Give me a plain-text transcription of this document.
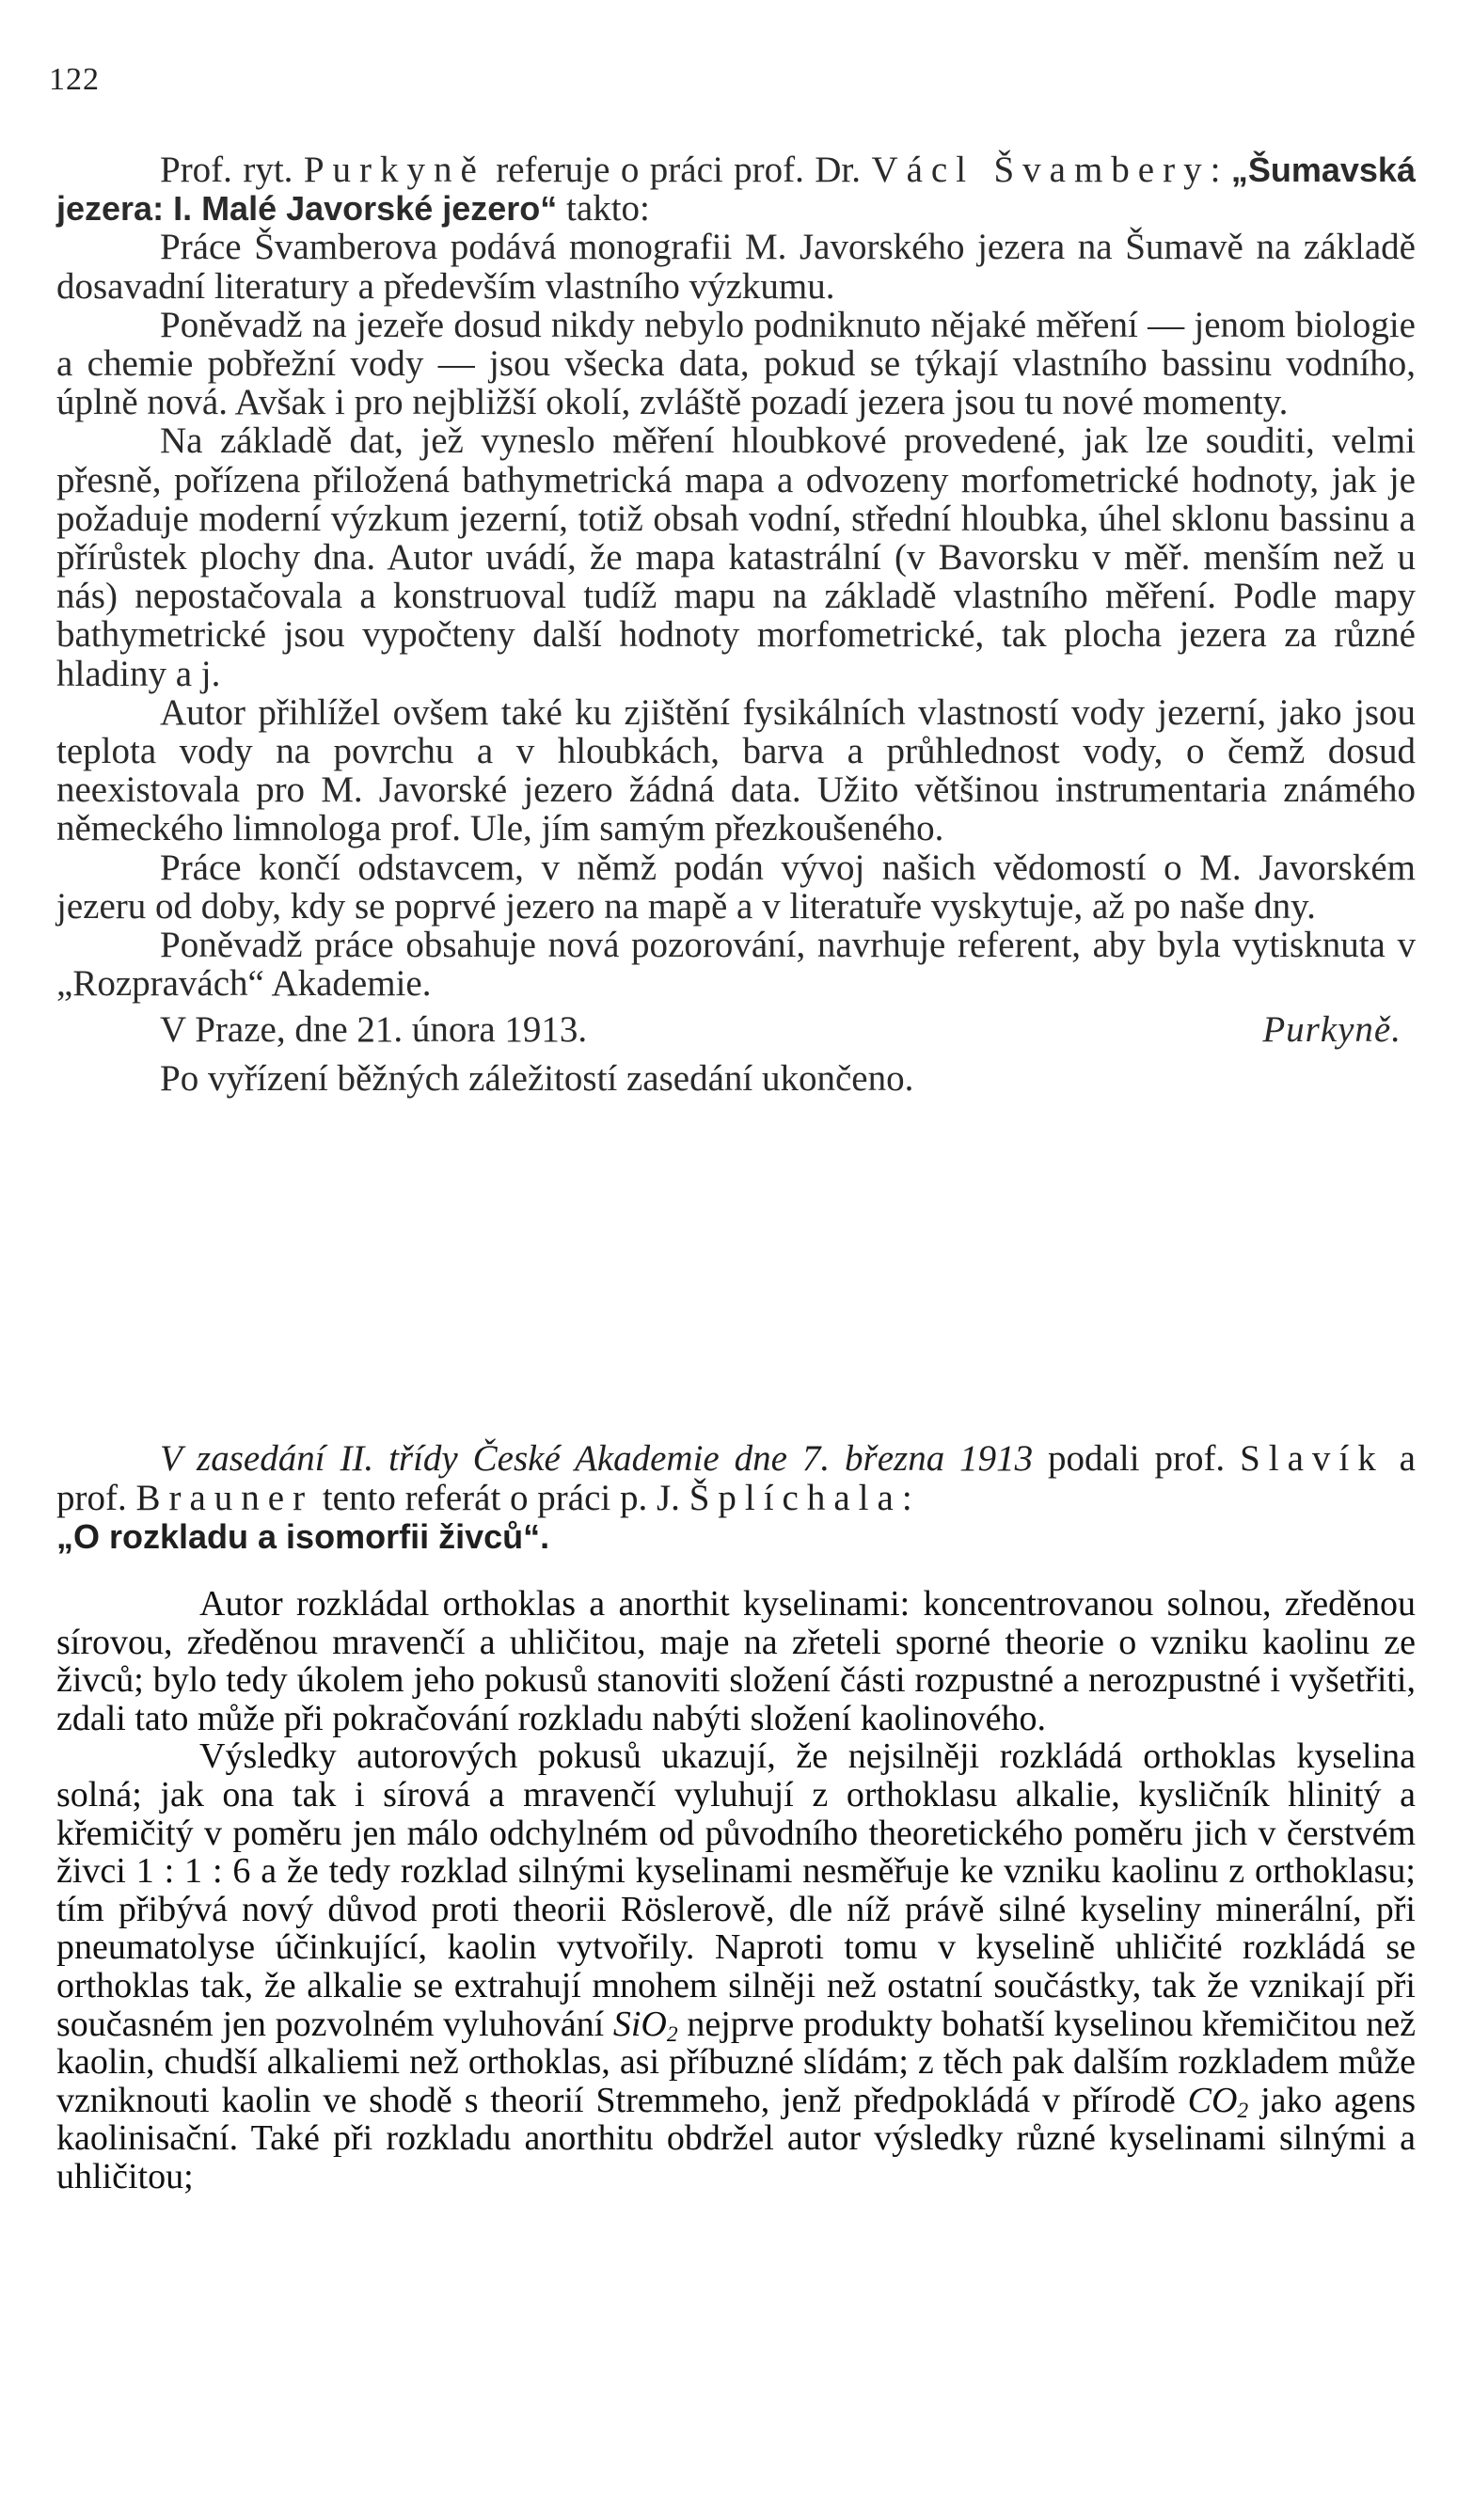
122

Prof. ryt. Purkyně referuje o práci prof. Dr. Václ Švambery: „Šumavská jezera: I. Malé Javorské jezero“ takto:

Práce Švamberova podává monografii M. Javorského jezera na Šumavě na základě dosavadní literatury a především vlastního výzkumu.

Poněvadž na jezeře dosud nikdy nebylo podniknuto nějaké měření — jenom biologie a chemie pobřežní vody — jsou všecka data, pokud se týkají vlastního bassinu vodního, úplně nová. Avšak i pro nejbližší okolí, zvláště pozadí jezera jsou tu nové momenty.

Na základě dat, jež vyneslo měření hloubkové provedené, jak lze souditi, velmi přesně, pořízena přiložená bathymetrická mapa a odvozeny morfometrické hodnoty, jak je požaduje moderní výzkum jezerní, totiž obsah vodní, střední hloubka, úhel sklonu bassinu a přírůstek plochy dna. Autor uvádí, že mapa katastrální (v Bavorsku v měř. menším než u nás) nepostačovala a konstruoval tudíž mapu na základě vlastního měření. Podle mapy bathymetrické jsou vypočteny další hodnoty morfometrické, tak plocha jezera za různé hladiny a j.

Autor přihlížel ovšem také ku zjištění fysikálních vlastností vody jezerní, jako jsou teplota vody na povrchu a v hloubkách, barva a průhlednost vody, o čemž dosud neexistovala pro M. Javorské jezero žádná data. Užito většinou instrumentaria známého německého limnologa prof. Ule, jím samým přezkoušeného.

Práce končí odstavcem, v němž podán vývoj našich vědomostí o M. Javorském jezeru od doby, kdy se poprvé jezero na mapě a v literatuře vyskytuje, až po naše dny.

Poněvadž práce obsahuje nová pozorování, navrhuje referent, aby byla vytisknuta v „Rozpravách“ Akademie.

V Praze, dne 21. února 1913.	Purkyně.

Po vyřízení běžných záležitostí zasedání ukončeno.

V zasedání II. třídy České Akademie dne 7. března 1913 podali prof. Slavík a prof. Brauner tento referát o práci p. J. Šplíchala:
„O rozkladu a isomorfii živců“.

Autor rozkládal orthoklas a anorthit kyselinami: koncentrovanou solnou, zředěnou sírovou, zředěnou mravenčí a uhličitou, maje na zřeteli sporné theorie o vzniku kaolinu ze živců; bylo tedy úkolem jeho pokusů stanoviti složení části rozpustné a nerozpustné i vyšetřiti, zdali tato může při pokračování rozkladu nabýti složení kaolinového.

Výsledky autorových pokusů ukazují, že nejsilněji rozkládá orthoklas kyselina solná; jak ona tak i sírová a mravenčí vyluhují z orthoklasu alkalie, kysličník hlinitý a křemičitý v poměru jen málo odchylném od původního theoretického poměru jich v čerstvém živci 1 : 1 : 6 a že tedy rozklad silnými kyselinami nesměřuje ke vzniku kaolinu z orthoklasu; tím přibývá nový důvod proti theorii Röslerově, dle níž právě silné kyseliny minerální, při pneumatolyse účinkující, kaolin vytvořily. Naproti tomu v kyselině uhličité rozkládá se orthoklas tak, že alkalie se extrahují mnohem silněji než ostatní součástky, tak že vznikají při současném jen pozvolném vyluhování SiO$_2$ nejprve produkty bohatší kyselinou křemičitou než kaolin, chudší alkaliemi než orthoklas, asi příbuzné slídám; z těch pak dalším rozkladem může vzniknouti kaolin ve shodě s theorií Stremmeho, jenž předpokládá v přírodě $CO_2$ jako agens kaolinisační. Také při rozkladu anorthitu obdržel autor výsledky různé kyselinami silnými a uhličitou;
